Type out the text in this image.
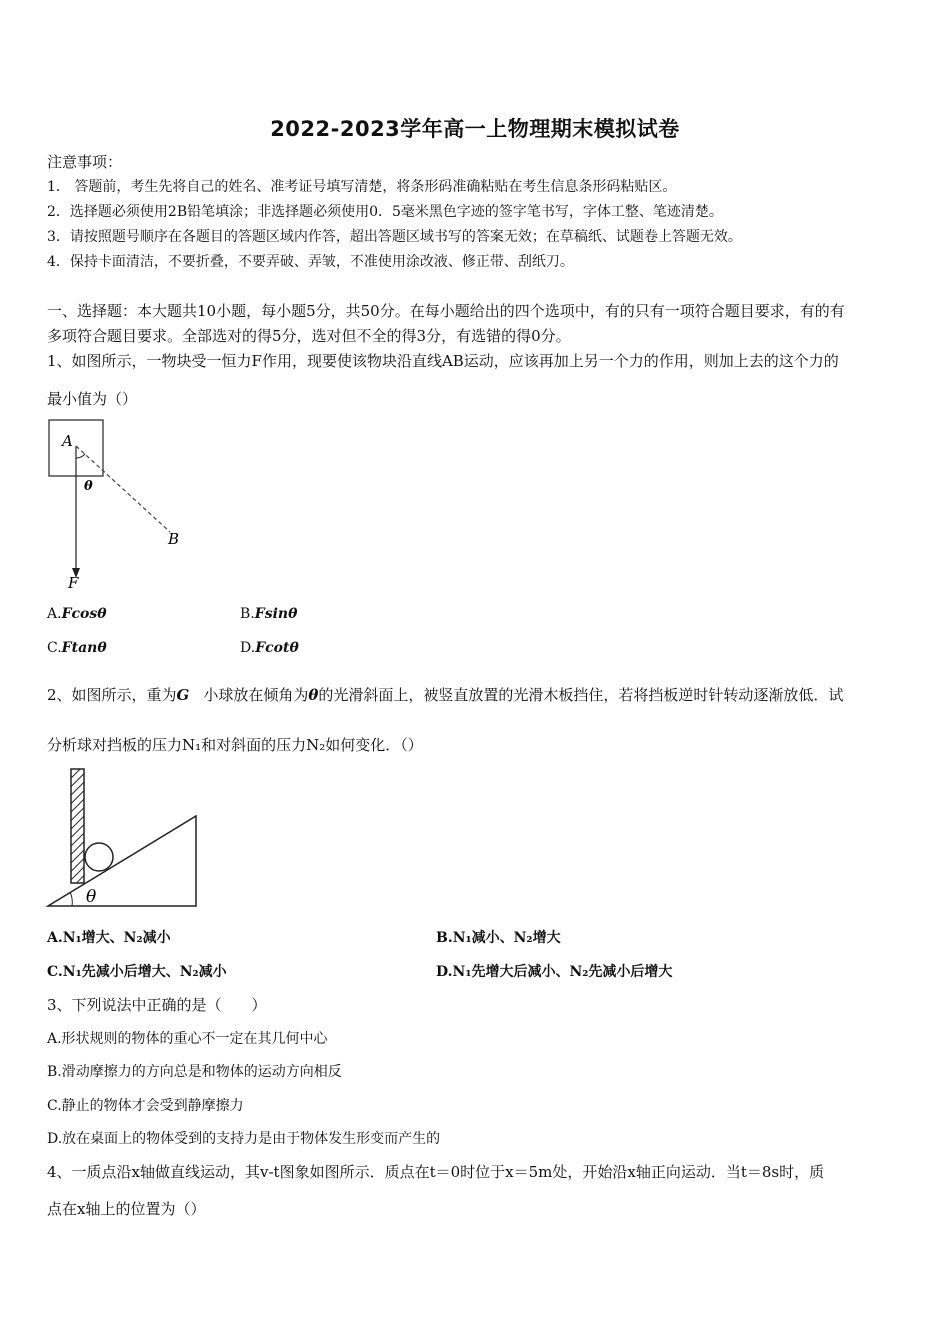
2022-2023学年高一上物理期末模拟试卷
注意事项：
1． 答题前，考生先将自己的姓名、准考证号填写清楚，将条形码准确粘贴在考生信息条形码粘贴区。
2．选择题必须使用2B铅笔填涂；非选择题必须使用0．5毫米黑色字迹的签字笔书写，字体工整、笔迹清楚。
3．请按照题号顺序在各题目的答题区域内作答，超出答题区域书写的答案无效；在草稿纸、试题卷上答题无效。
4．保持卡面清洁，不要折叠，不要弄破、弄皱，不准使用涂改液、修正带、刮纸刀。
一、选择题：本大题共10小题，每小题5分，共50分。在每小题给出的四个选项中，有的只有一项符合题目要求，有的有
多项符合题目要求。全部选对的得5分，选对但不全的得3分，有选错的得0分。
1、如图所示，一物块受一恒力F作用，现要使该物块沿直线AB运动，应该再加上另一个力的作用，则加上去的这个力的
最小值为（）
A
θ
B
F
A.Fcosθ	B.Fsinθ
C.Ftanθ	D.Fcotθ
2、如图所示，重为G 小球放在倾角为θ的光滑斜面上，被竖直放置的光滑木板挡住，若将挡板逆时针转动逐渐放低．试
分析球对挡板的压力N₁和对斜面的压力N₂如何变化．（）
θ
A.N₁增大、N₂减小	B.N₁减小、N₂增大
C.N₁先减小后增大、N₂减小	D.N₁先增大后减小、N₂先减小后增大
3、下列说法中正确的是（　　）
A.形状规则的物体的重心不一定在其几何中心
B.滑动摩擦力的方向总是和物体的运动方向相反
C.静止的物体才会受到静摩擦力
D.放在桌面上的物体受到的支持力是由于物体发生形变而产生的
4、一质点沿x轴做直线运动，其v-t图象如图所示．质点在t＝0时位于x＝5m处，开始沿x轴正向运动．当t＝8s时，质
点在x轴上的位置为（）
